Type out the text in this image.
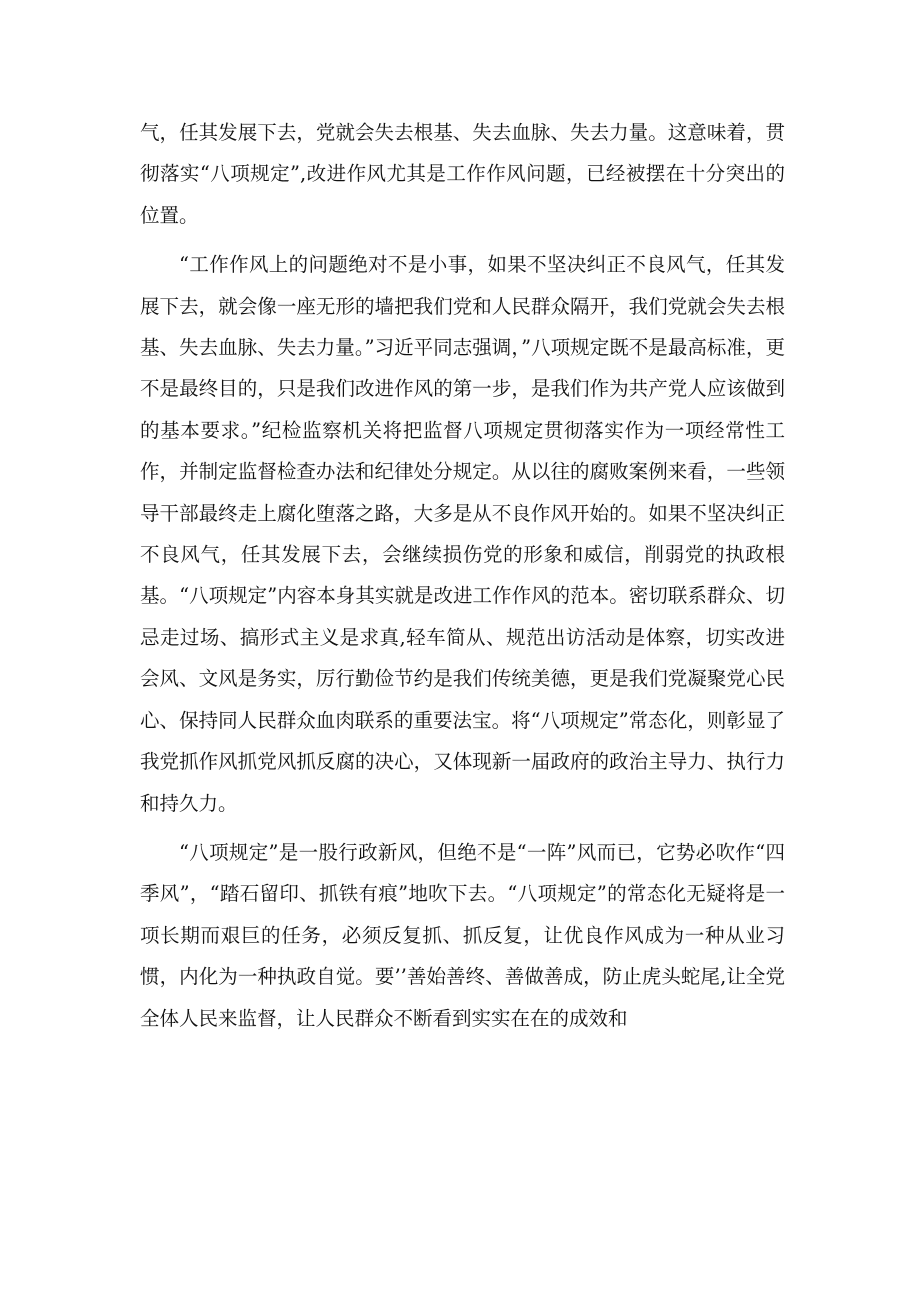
气，任其发展下去，党就会失去根基、失去血脉、失去力量。这意味着，贯彻落实“八项规定”,改进作风尤其是工作作风问题，已经被摆在十分突出的位置。

“工作作风上的问题绝对不是小事，如果不坚决纠正不良风气，任其发展下去，就会像一座无形的墙把我们党和人民群众隔开，我们党就会失去根基、失去血脉、失去力量。”习近平同志强调，”八项规定既不是最高标准，更不是最终目的，只是我们改进作风的第一步，是我们作为共产党人应该做到的基本要求。”纪检监察机关将把监督八项规定贯彻落实作为一项经常性工作，并制定监督检查办法和纪律处分规定。从以往的腐败案例来看，一些领导干部最终走上腐化堕落之路，大多是从不良作风开始的。如果不坚决纠正不良风气，任其发展下去，会继续损伤党的形象和威信，削弱党的执政根基。“八项规定”内容本身其实就是改进工作作风的范本。密切联系群众、切忌走过场、搞形式主义是求真,轻车简从、规范出访活动是体察，切实改进会风、文风是务实，厉行勤俭节约是我们传统美德，更是我们党凝聚党心民心、保持同人民群众血肉联系的重要法宝。将“八项规定”常态化，则彰显了我党抓作风抓党风抓反腐的决心，又体现新一届政府的政治主导力、执行力和持久力。

“八项规定”是一股行政新风，但绝不是“一阵”风而已，它势必吹作“四季风”，“踏石留印、抓铁有痕”地吹下去。“八项规定”的常态化无疑将是一项长期而艰巨的任务，必须反复抓、抓反复，让优良作风成为一种从业习惯，内化为一种执政自觉。要’’善始善终、善做善成，防止虎头蛇尾,让全党全体人民来监督，让人民群众不断看到实实在在的成效和
